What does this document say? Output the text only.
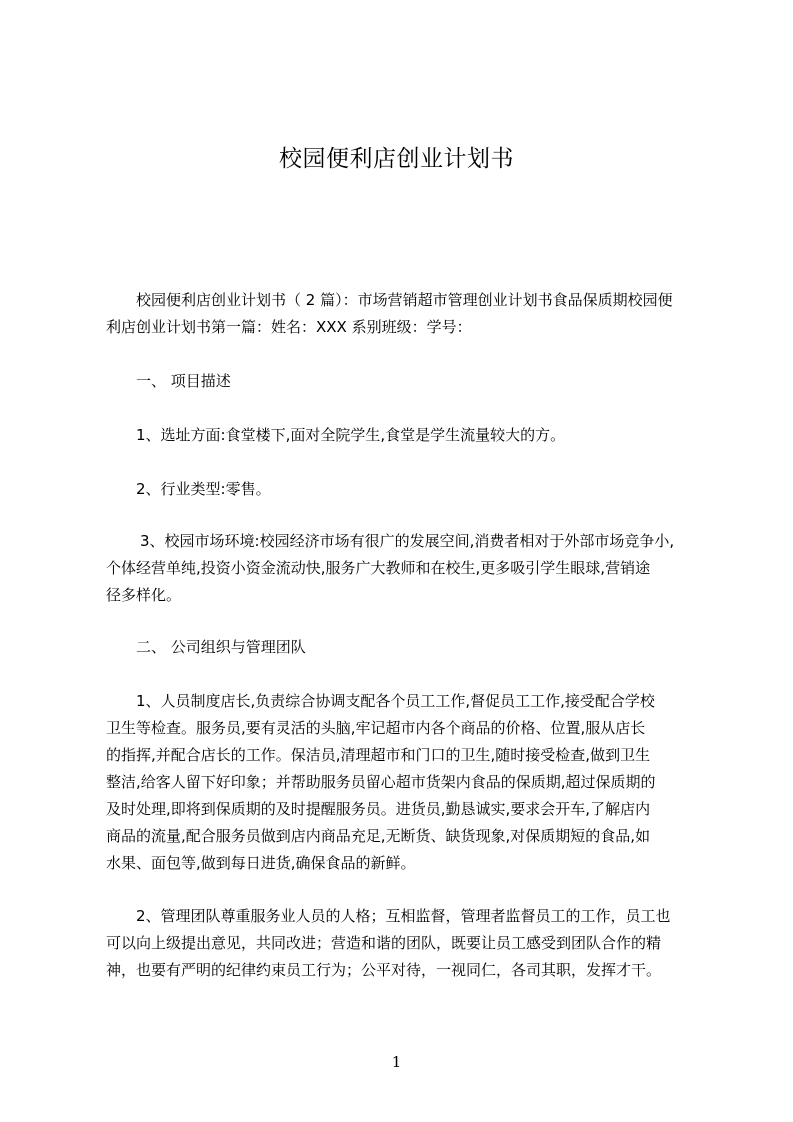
校园便利店创业计划书
校园便利店创业计划书（ 2 篇）：市场营销超市管理创业计划书食品保质期校园便
利店创业计划书第一篇：姓名：XXX 系别班级：学号：
一、 项目描述
1、选址方面:食堂楼下,面对全院学生,食堂是学生流量较大的方。
2、行业类型:零售。
3、校园市场环境:校园经济市场有很广的发展空间,消费者相对于外部市场竞争小,
个体经营单纯,投资小资金流动快,服务广大教师和在校生,更多吸引学生眼球,营销途
径多样化。
二、 公司组织与管理团队
1、人员制度店长,负责综合协调支配各个员工工作,督促员工工作,接受配合学校
卫生等检查。服务员,要有灵活的头脑,牢记超市内各个商品的价格、位置,服从店长
的指挥,并配合店长的工作。保洁员,清理超市和门口的卫生,随时接受检查,做到卫生
整洁,给客人留下好印象；并帮助服务员留心超市货架内食品的保质期,超过保质期的
及时处理,即将到保质期的及时提醒服务员。进货员,勤恳诚实,要求会开车,了解店内
商品的流量,配合服务员做到店内商品充足,无断货、缺货现象,对保质期短的食品,如
水果、面包等,做到每日进货,确保食品的新鲜。
2、管理团队尊重服务业人员的人格；互相监督，管理者监督员工的工作，员工也
可以向上级提出意见，共同改进；营造和谐的团队，既要让员工感受到团队合作的精
神，也要有严明的纪律约束员工行为；公平对待，一视同仁，各司其职，发挥才干。
1
